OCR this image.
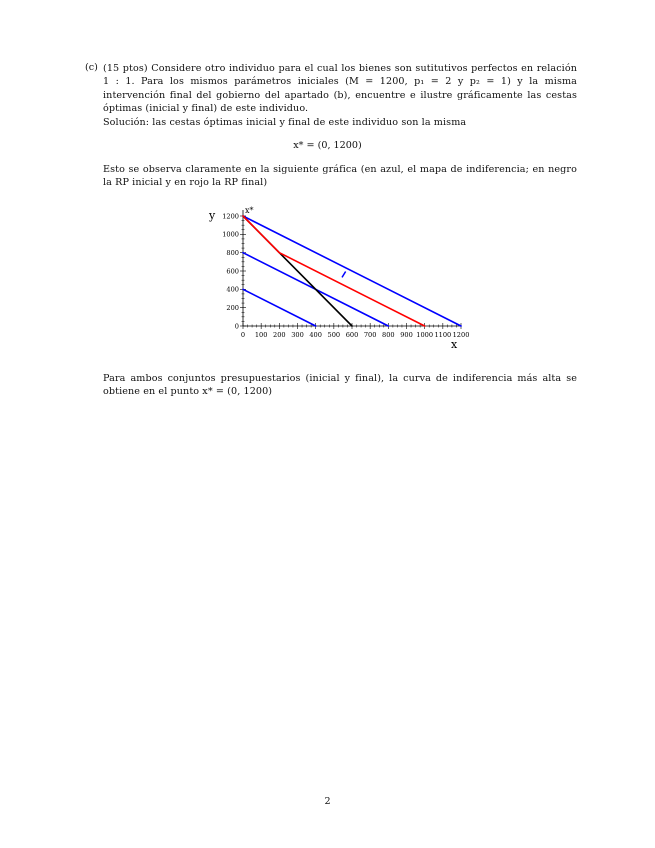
(c) (15 ptos) Considere otro individuo para el cual los bienes son sutitutivos perfectos en relación 1 : 1. Para los mismos parámetros iniciales (M = 1200, p₁ = 2 y p₂ = 1) y la misma intervención final del gobierno del apartado (b), encuentre e ilustre gráficamente las cestas óptimas (inicial y final) de este individuo.
Solución: las cestas óptimas inicial y final de este individuo son la misma
x* = (0, 1200)
Esto se observa claramente en la siguiente gráfica (en azul, el mapa de indiferencia; en negro la RP inicial y en rojo la RP final)
0 100 200 300 400 500 600 700 800 900 1000 1100 1200
0
200
400
600
800
1000
1200
y
x
x*
Para ambos conjuntos presupuestarios (inicial y final), la curva de indiferencia más alta se obtiene en el punto x* = (0, 1200)
2
